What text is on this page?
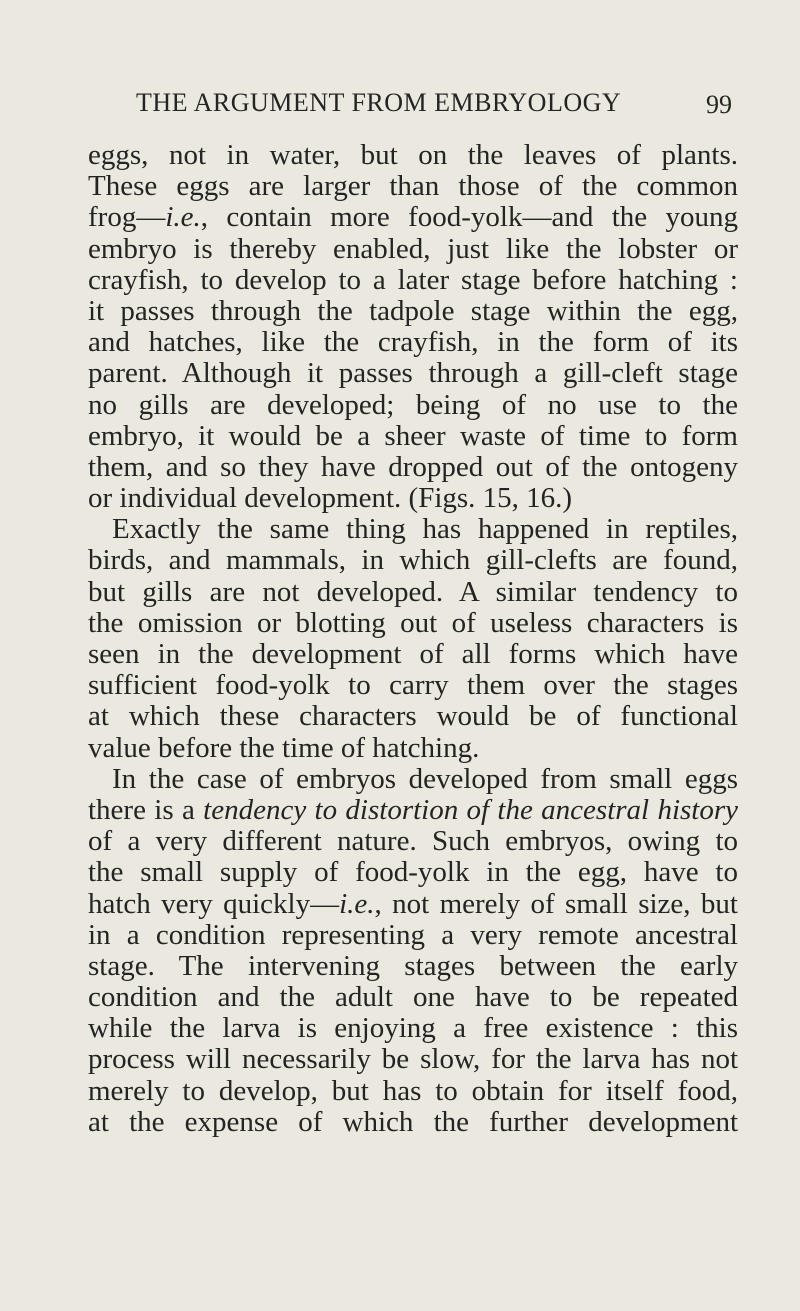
THE ARGUMENT FROM EMBRYOLOGY	99
eggs, not in water, but on the leaves of plants.
These eggs are larger than those of the common
frog—i.e., contain more food-yolk—and the young
embryo is thereby enabled, just like the lobster or
crayfish, to develop to a later stage before hatching :
it passes through the tadpole stage within the egg,
and hatches, like the crayfish, in the form of its
parent. Although it passes through a gill-cleft stage
no gills are developed; being of no use to the
embryo, it would be a sheer waste of time to form
them, and so they have dropped out of the ontogeny
or individual development. (Figs. 15, 16.)
Exactly the same thing has happened in reptiles,
birds, and mammals, in which gill-clefts are found,
but gills are not developed. A similar tendency to
the omission or blotting out of useless characters is
seen in the development of all forms which have
sufficient food-yolk to carry them over the stages
at which these characters would be of functional
value before the time of hatching.
In the case of embryos developed from small eggs
there is a tendency to distortion of the ancestral history
of a very different nature. Such embryos, owing to
the small supply of food-yolk in the egg, have to
hatch very quickly—i.e., not merely of small size, but
in a condition representing a very remote ancestral
stage. The intervening stages between the early
condition and the adult one have to be repeated
while the larva is enjoying a free existence : this
process will necessarily be slow, for the larva has not
merely to develop, but has to obtain for itself food,
at the expense of which the further development
